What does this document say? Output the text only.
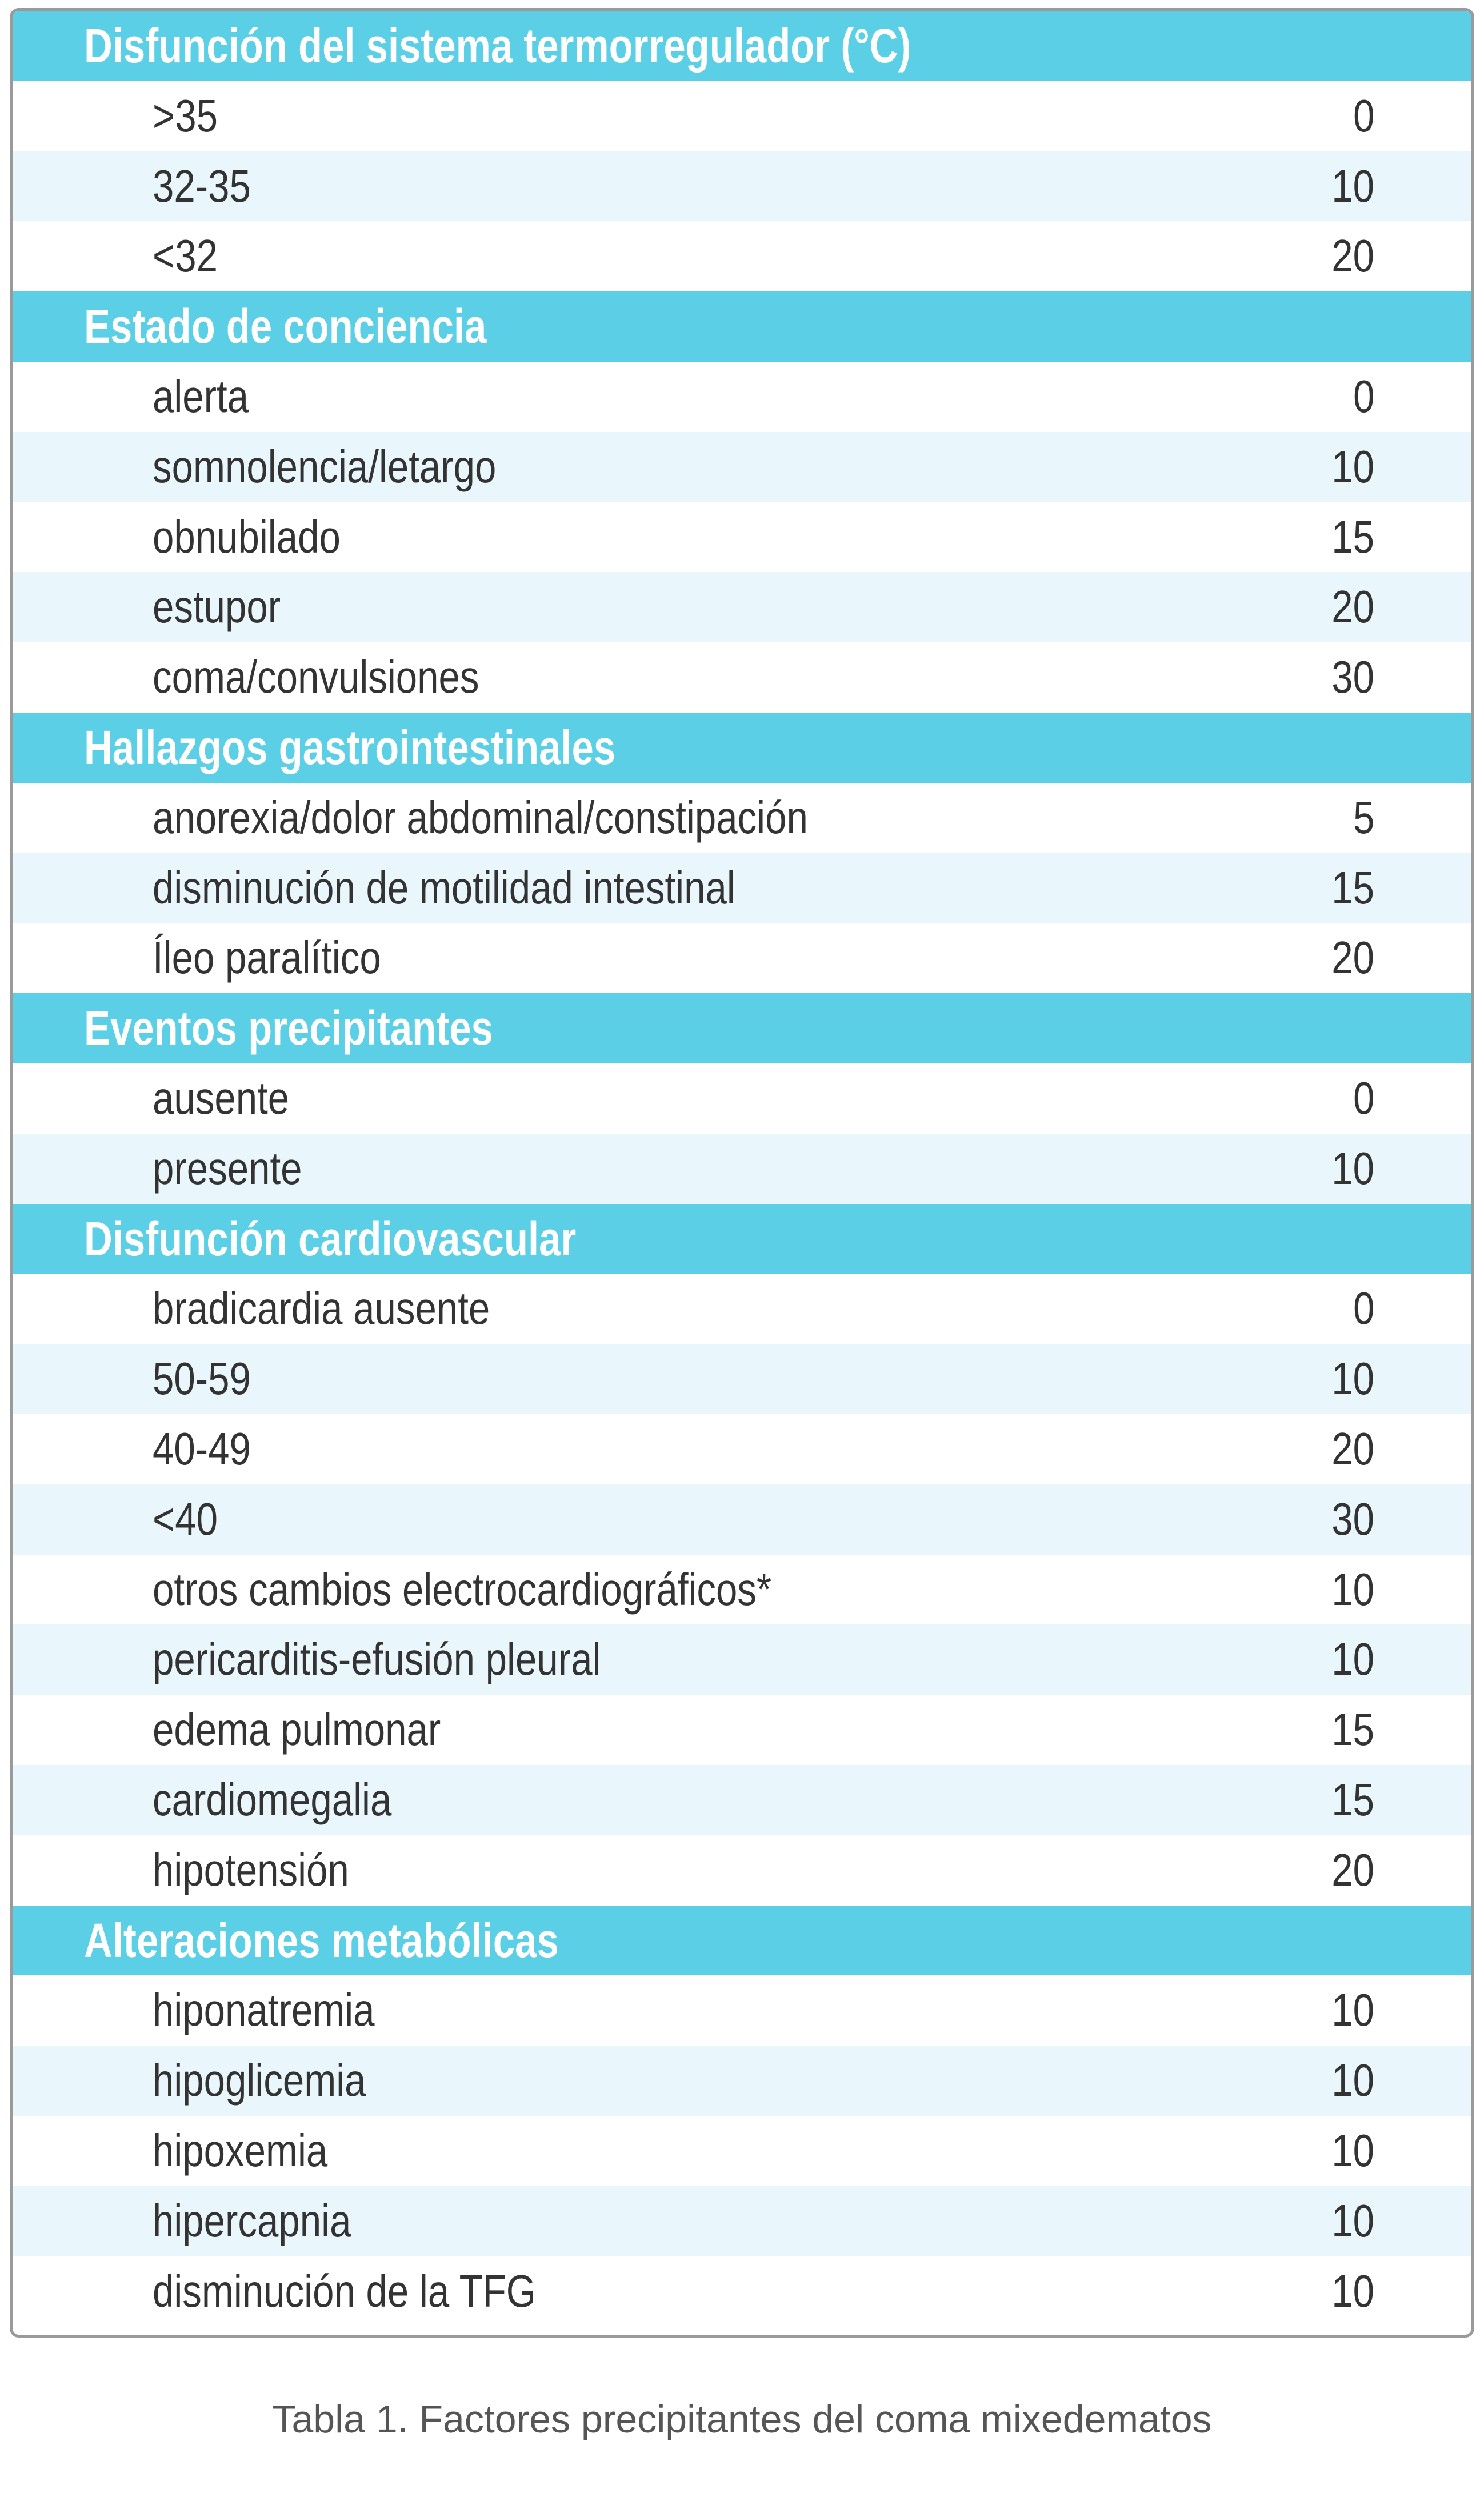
Disfunción del sistema termorregulador (°C)
>35	0
32-35	10
<32	20
Estado de conciencia
alerta	0
somnolencia/letargo	10
obnubilado	15
estupor	20
coma/convulsiones	30
Hallazgos gastrointestinales
anorexia/dolor abdominal/constipación	5
disminución de motilidad intestinal	15
Íleo paralítico	20
Eventos precipitantes
ausente	0
presente	10
Disfunción cardiovascular
bradicardia ausente	0
50-59	10
40-49	20
<40	30
otros cambios electrocardiográficos*	10
pericarditis-efusión pleural	10
edema pulmonar	15
cardiomegalia	15
hipotensión	20
Alteraciones metabólicas
hiponatremia	10
hipoglicemia	10
hipoxemia	10
hipercapnia	10
disminución de la TFG	10
Tabla 1. Factores precipitantes del coma mixedematos
